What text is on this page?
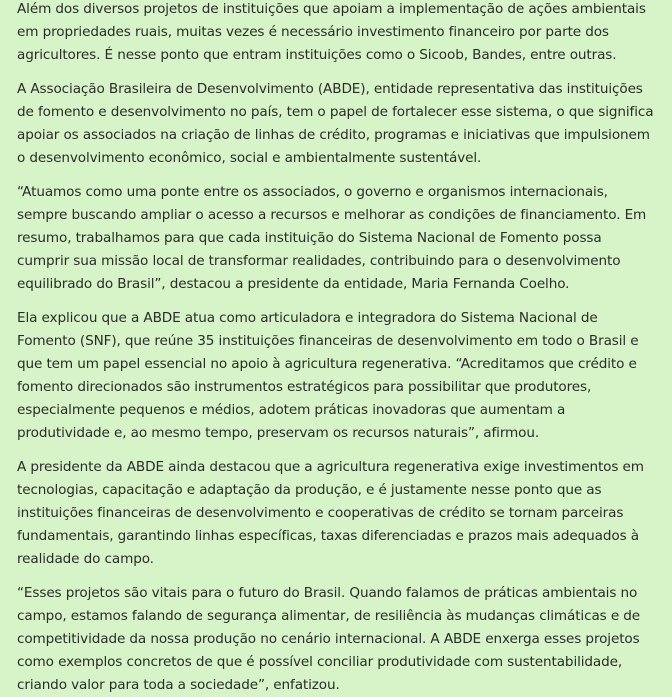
Além dos diversos projetos de instituições que apoiam a implementação de ações ambientais em propriedades ruais, muitas vezes é necessário investimento financeiro por parte dos agricultores. É nesse ponto que entram instituições como o Sicoob, Bandes, entre outras.

A Associação Brasileira de Desenvolvimento (ABDE), entidade representativa das instituições de fomento e desenvolvimento no país, tem o papel de fortalecer esse sistema, o que significa apoiar os associados na criação de linhas de crédito, programas e iniciativas que impulsionem o desenvolvimento econômico, social e ambientalmente sustentável.

“Atuamos como uma ponte entre os associados, o governo e organismos internacionais, sempre buscando ampliar o acesso a recursos e melhorar as condições de financiamento. Em resumo, trabalhamos para que cada instituição do Sistema Nacional de Fomento possa cumprir sua missão local de transformar realidades, contribuindo para o desenvolvimento equilibrado do Brasil”, destacou a presidente da entidade, Maria Fernanda Coelho.

Ela explicou que a ABDE atua como articuladora e integradora do Sistema Nacional de Fomento (SNF), que reúne 35 instituições financeiras de desenvolvimento em todo o Brasil e que tem um papel essencial no apoio à agricultura regenerativa. “Acreditamos que crédito e fomento direcionados são instrumentos estratégicos para possibilitar que produtores, especialmente pequenos e médios, adotem práticas inovadoras que aumentam a produtividade e, ao mesmo tempo, preservam os recursos naturais”, afirmou.

A presidente da ABDE ainda destacou que a agricultura regenerativa exige investimentos em tecnologias, capacitação e adaptação da produção, e é justamente nesse ponto que as instituições financeiras de desenvolvimento e cooperativas de crédito se tornam parceiras fundamentais, garantindo linhas específicas, taxas diferenciadas e prazos mais adequados à realidade do campo.

“Esses projetos são vitais para o futuro do Brasil. Quando falamos de práticas ambientais no campo, estamos falando de segurança alimentar, de resiliência às mudanças climáticas e de competitividade da nossa produção no cenário internacional. A ABDE enxerga esses projetos como exemplos concretos de que é possível conciliar produtividade com sustentabilidade, criando valor para toda a sociedade”, enfatizou.
